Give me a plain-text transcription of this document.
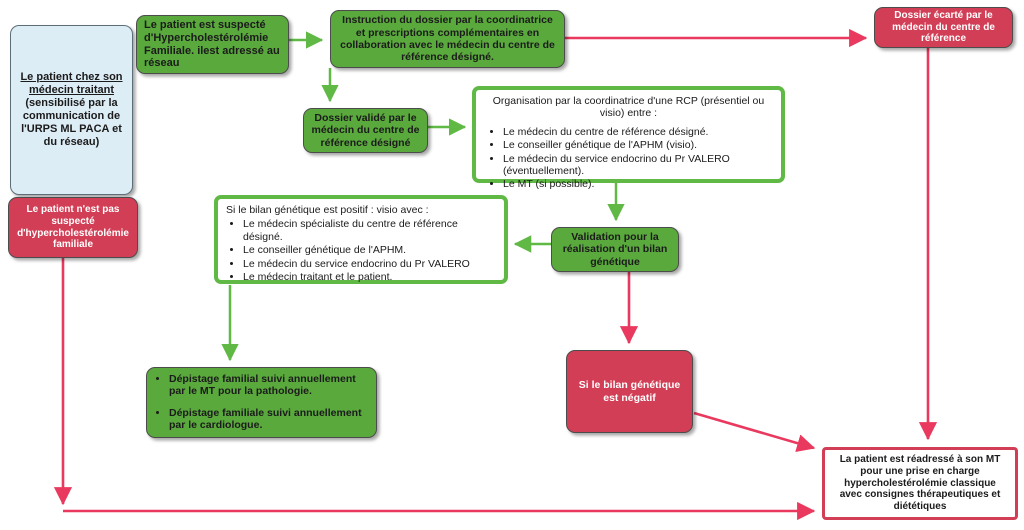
Le patient chez son médecin traitant
(sensibilisé par la communication de l'URPS ML PACA et du réseau)
Le patient n'est pas suspecté d'hypercholestérolémie familiale
Le patient est suspecté d'Hypercholestérolémie Familiale. ilest adressé au réseau
Instruction du dossier par la coordinatrice et prescriptions complémentaires en collaboration avec le médecin du centre de référence désigné.
Dossier écarté par le médecin du centre de référence
Dossier validé par le médecin du centre de référence désigné
Organisation par la coordinatrice d'une RCP (présentiel ou visio) entre :
• Le médecin du centre de référence désigné.
• Le conseiller génétique de l'APHM (visio).
• Le médecin du service endocrino du Pr VALERO (éventuellement).
• Le MT (si possible).
Si le bilan génétique est positif : visio avec :
• Le médecin spécialiste du centre de référence désigné.
• Le conseiller génétique de l'APHM.
• Le médecin du service endocrino du Pr VALERO
• Le médecin traitant et le patient.
Validation pour la réalisation d'un bilan génétique
• Dépistage familial suivi annuellement par le MT pour la pathologie.
• Dépistage familiale suivi annuellement par le cardiologue.
Si le bilan génétique est négatif
La patient est réadressé à son MT pour une prise en charge hypercholestérolémie classique avec consignes thérapeutiques et diététiques
